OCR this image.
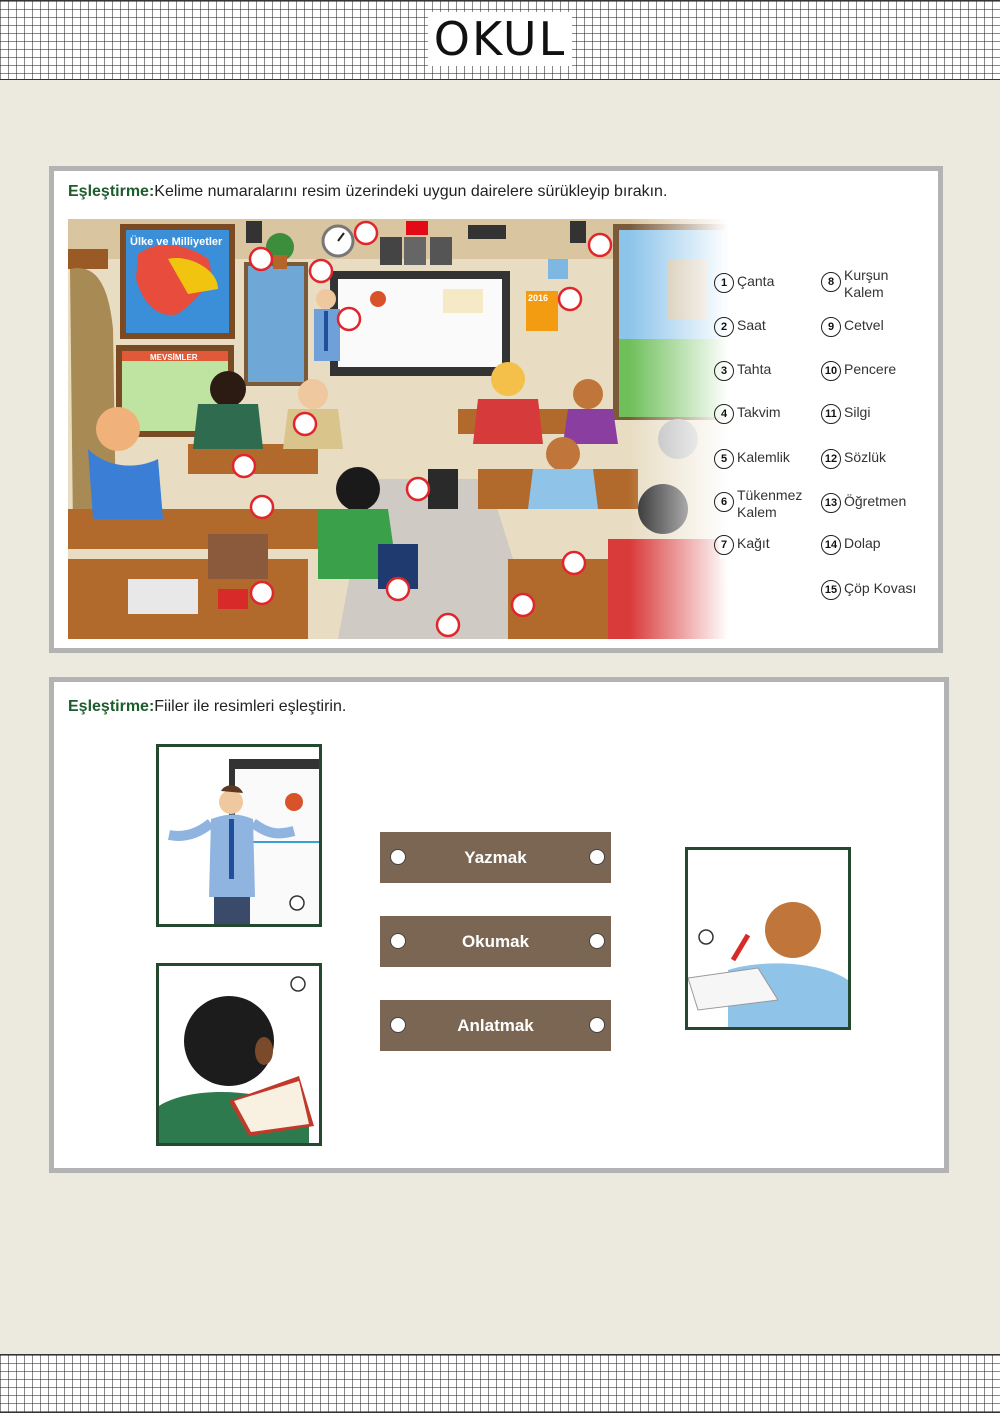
OKUL
Eşleştirme:Kelime numaralarını resim üzerindeki uygun dairelere sürükleyip bırakın.
1 Çanta
2 Saat
3 Tahta
4 Takvim
5 Kalemlik
6 Tükenmez Kalem
7 Kağıt
8 Kurşun Kalem
9 Cetvel
10 Pencere
11 Silgi
12 Sözlük
13 Öğretmen
14 Dolap
15 Çöp Kovası
Eşleştirme:Fiiler ile resimleri eşleştirin.
Yazmak
Okumak
Anlatmak
